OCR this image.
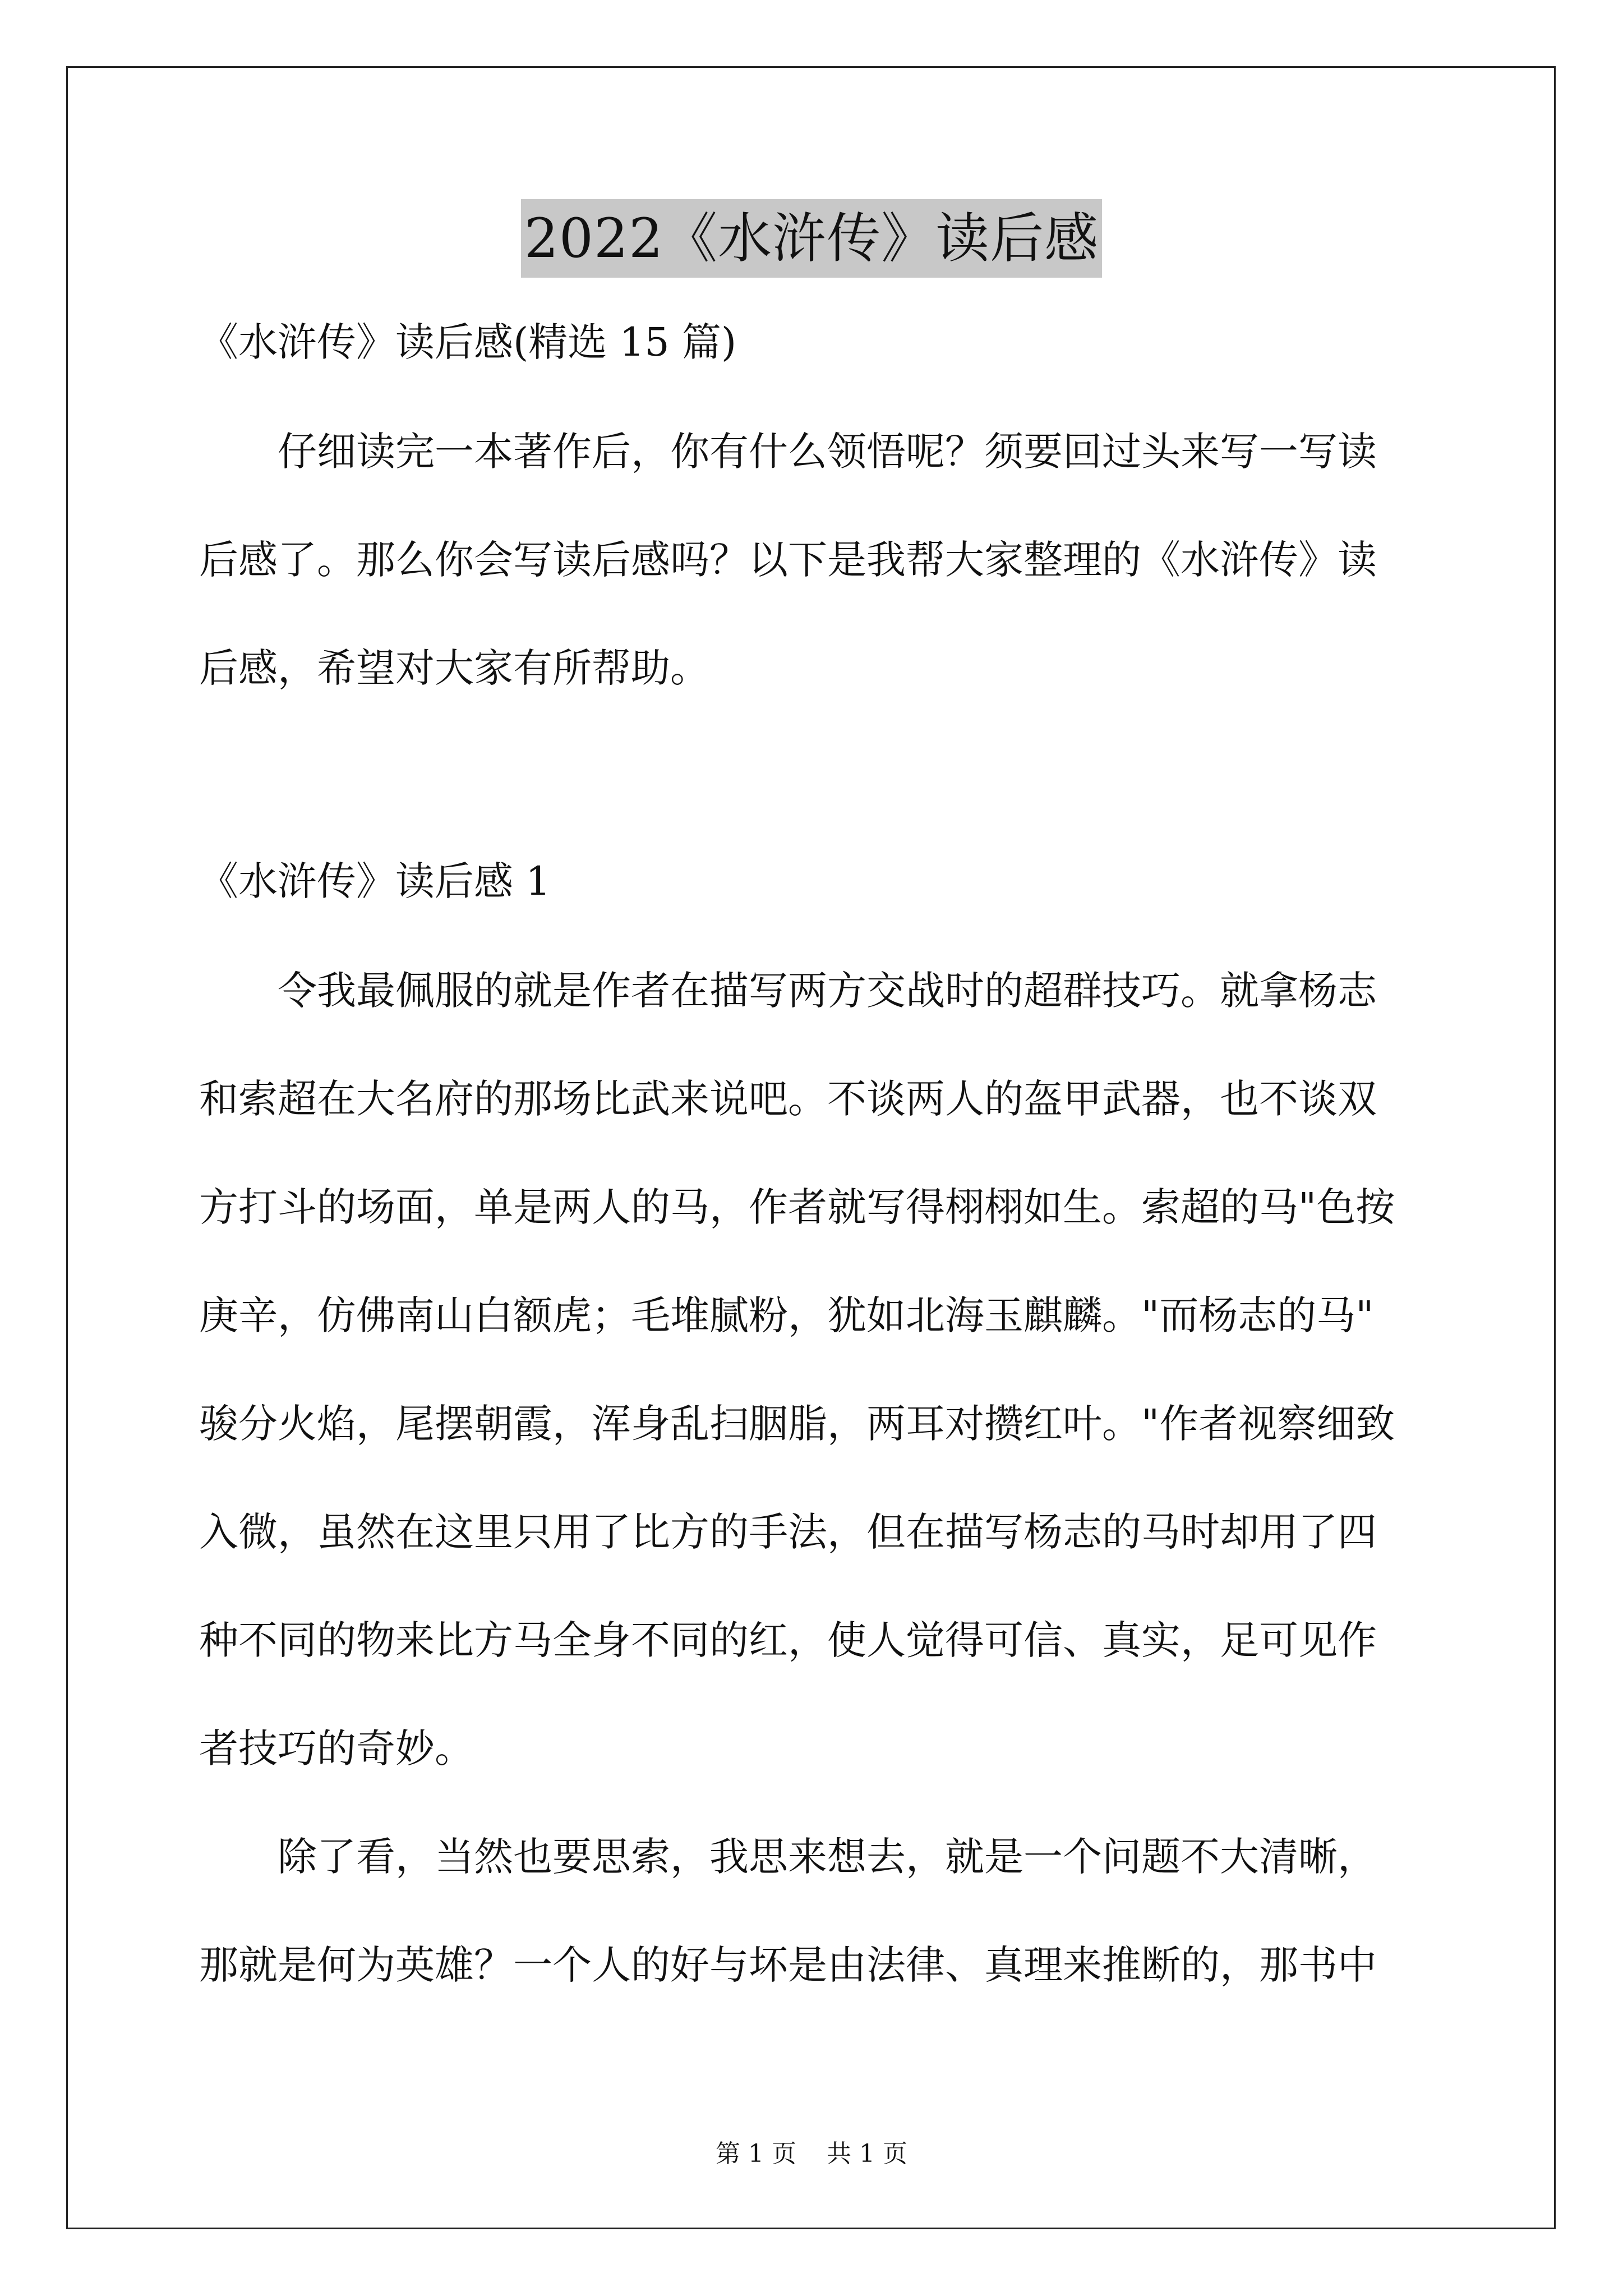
2022《水浒传》读后感

《水浒传》读后感(精选 15 篇)

仔细读完一本著作后，你有什么领悟呢？须要回过头来写一写读

后感了。那么你会写读后感吗？以下是我帮大家整理的《水浒传》读

后感，希望对大家有所帮助。

《水浒传》读后感 1

令我最佩服的就是作者在描写两方交战时的超群技巧。就拿杨志

和索超在大名府的那场比武来说吧。不谈两人的盔甲武器，也不谈双

方打斗的场面，单是两人的马，作者就写得栩栩如生。索超的马"色按

庚辛，仿佛南山白额虎；毛堆腻粉，犹如北海玉麒麟。"而杨志的马"

骏分火焰，尾摆朝霞，浑身乱扫胭脂，两耳对攒红叶。"作者视察细致

入微，虽然在这里只用了比方的手法，但在描写杨志的马时却用了四

种不同的物来比方马全身不同的红，使人觉得可信、真实，足可见作

者技巧的奇妙。

除了看，当然也要思索，我思来想去，就是一个问题不大清晰，

那就是何为英雄？一个人的好与坏是由法律、真理来推断的，那书中

第 1 页 共 1 页
